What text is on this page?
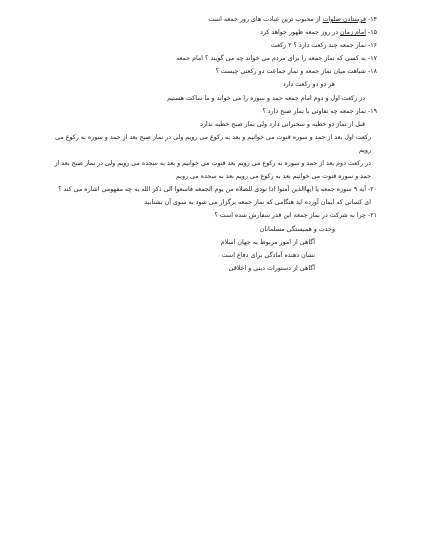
۱۴- فرستادن صلوات از محبوب ترین عبادت های روز جمعه است

۱۵- امام زمان در روز جمعه ظهور خواهد کرد

۱۶- نماز جمعه چند رکعت دارد ؟ ۲ رکعت

۱۷- به کسی که نماز جمعه را برای مردم می خواند چه می گویند ؟ امام جمعه

۱۸- شباهت میان نماز جمعه و نماز جماعت دو رکعتی چیست ؟

هر دو دو رکعت دارد

در رکعت اول و دوم امام جمعه حمد و سوره را می خواند و ما ساکت هستیم

۱۹- نماز جمعه چه تفاوتی با نماز صبح دارد ؟

قبل از نماز دو خطبه و سخنرانی دارد ولی نماز صبح خطبه ندارد

رکعت اول بعد از حمد و سوره قنوت می خوانیم و بعد به رکوع می رویم ولی در نماز صبح بعد از حمد و سوره به رکوع می رویم

در رکعت دوم بعد از حمد و سوره به رکوع می رویم بعد قنوت می خوانیم و بعد به سجده می رویم ولی در نماز صبح بعد از حمد و سوره قنوت می خوانیم بعد به رکوع می رویم بعد به سجده می رویم

۲۰- آیه ۹ سوره جمعه یا ایهاالذین آمنوا اذا نودی للصلاه من یوم الجمعه فاسعوا الی ذکر الله به چه مفهومی اشاره می کند ؟

ای کسانی که ایمان آورده اید هنگامی که نماز جمعه برگزار می شود به سوی آن بشتابید

۲۱- چرا به شرکت در نماز جمعه این قدر سفارش شده است ؟

وحدت و همبستگی مسلمانان

آگاهی از امور مربوط به جهان اسلام

نشان دهنده آمادگی برای دفاع است

آگاهی از دستورات دینی و اخلاقی
